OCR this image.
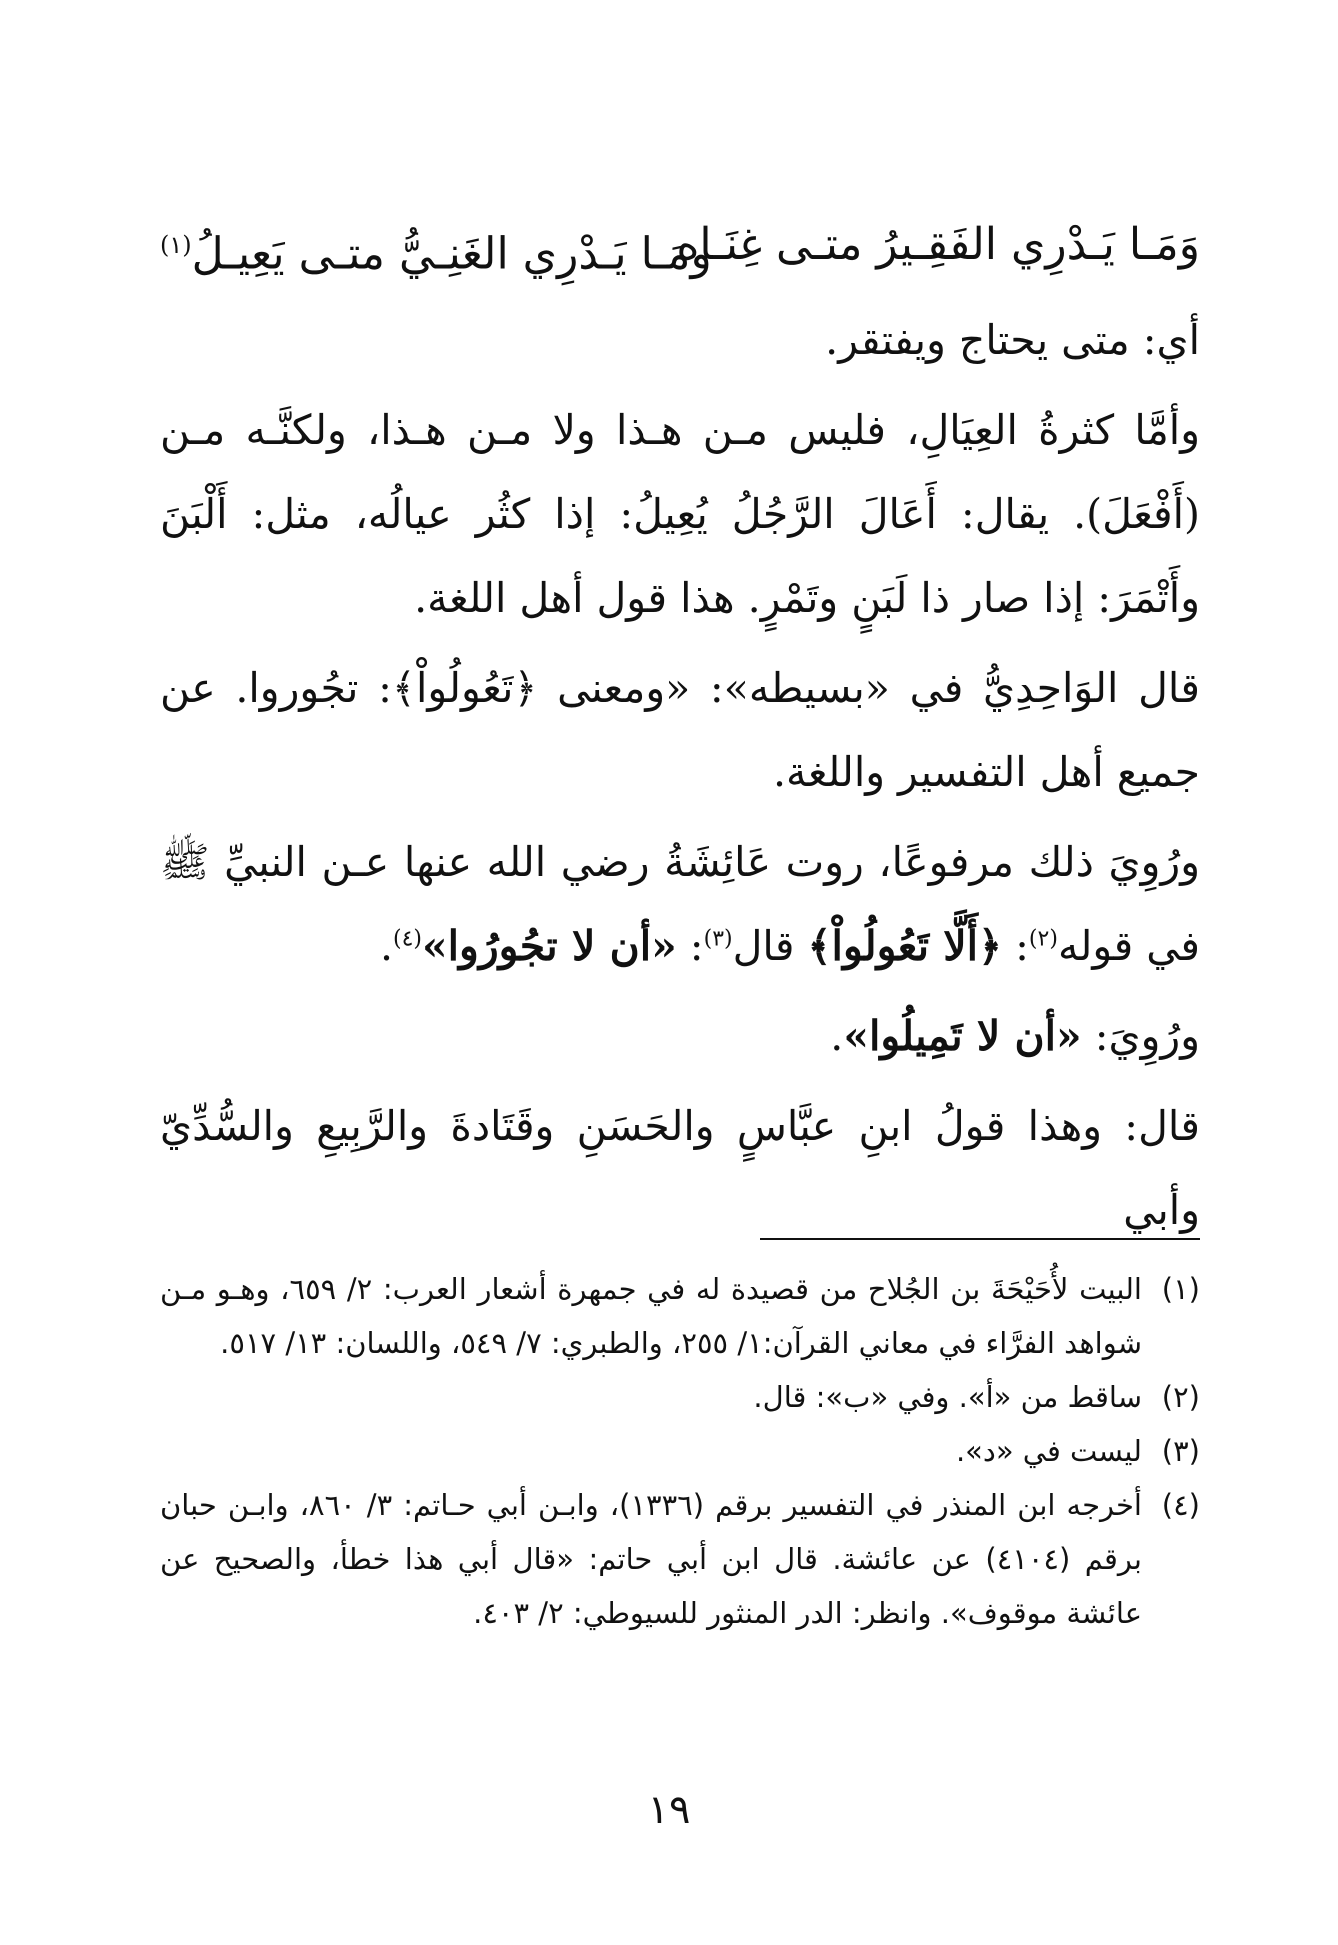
وَمَـا يَـدْرِي الفَقِـيرُ متـى غِنَـاه
ومَـا يَـدْرِي الغَنِـيُّ متـى يَعِيـلُ$^{(١)}$

أي: متى يحتاج ويفتقر.

وأمَّا كثرةُ العِيَالِ، فليس مـن هـذا ولا مـن هـذا، ولكنَّـه مـن (أَفْعَلَ). يقال: أَعَالَ الرَّجُلُ يُعِيلُ: إذا كثُر عيالُه، مثل: أَلْبَنَ وأَتْمَرَ: إذا صار ذا لَبَنٍ وتَمْرٍ. هذا قول أهل اللغة.

قال الوَاحِدِيُّ في «بسيطه»: «ومعنى ﴿تَعُولُواْ﴾: تجُوروا. عن جميع أهل التفسير واللغة.

ورُوِيَ ذلك مرفوعًا، روت عَائِشَةُ رضي الله عنها عـن النبيِّ ﷺ في قوله$^{(٢)}$: ﴿أَلَّا تَعُولُواْ﴾ قال$^{(٣)}$: «أن لا تجُورُوا»$^{(٤)}$.

ورُوِيَ: «أن لا تَمِيلُوا».

قال: وهذا قولُ ابنِ عبَّاسٍ والحَسَنِ وقَتَادةَ والرَّبِيعِ والسُّدِّيّ وأبي

(١)
البيت لأُحَيْحَةَ بن الجُلاح من قصيدة له في جمهرة أشعار العرب: ٢/ ٦٥٩، وهـو مـن شواهد الفرَّاء في معاني القرآن:١/ ٢٥٥، والطبري: ٧/ ٥٤٩، واللسان: ١٣/ ٥١٧.
(٢)
ساقط من «أ». وفي «ب»: قال.
(٣)
ليست في «د».
(٤)
أخرجه ابن المنذر في التفسير برقم (١٣٣٦)، وابـن أبي حـاتم: ٣/ ٨٦٠، وابـن حبان برقم (٤١٠٤) عن عائشة. قال ابن أبي حاتم: «قال أبي هذا خطأ، والصحيح عن عائشة موقوف». وانظر: الدر المنثور للسيوطي: ٢/ ٤٠٣.
١٩
